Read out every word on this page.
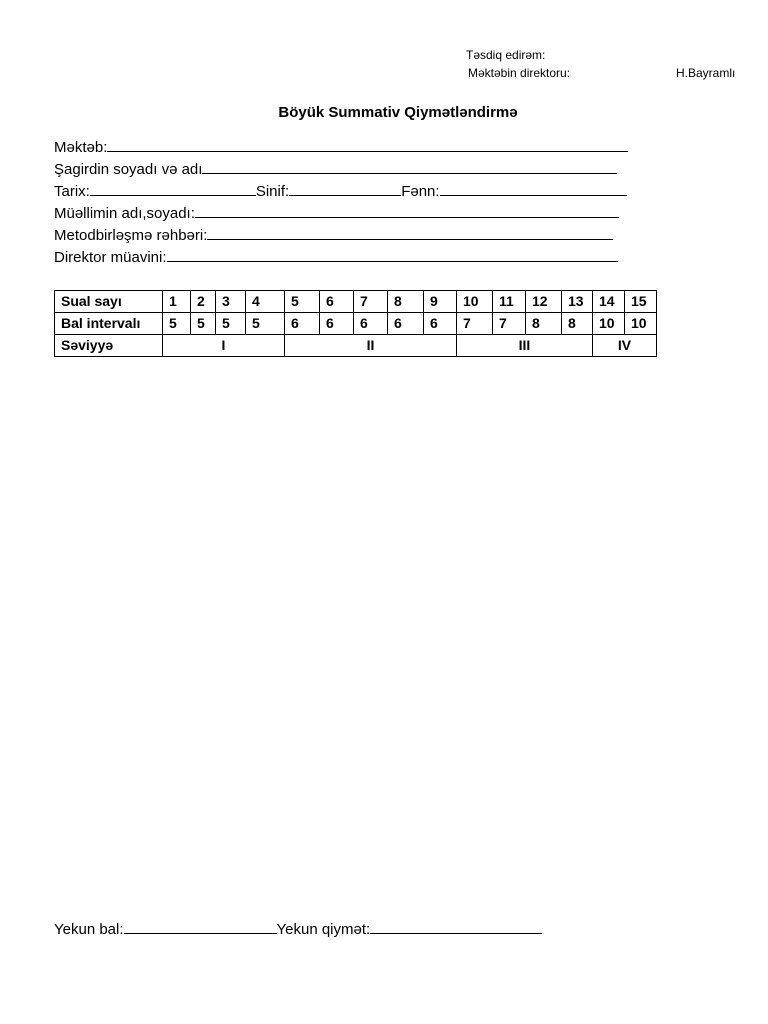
Təsdiq edirəm:
Məktəbin direktoru:	H.Bayramlı
Böyük Summativ Qiymətləndirmə
Məktəb:
Şagirdin soyadı və adı
Tarix:	Sinif:	Fənn:
Müəllimin adı,soyadı:
Metodbirləşmə rəhbəri:
Direktor müavini:
Sual sayı	1	2	3	4	5	6	7	8	9	10	11	12	13	14	15
Bal intervalı	5	5	5	5	6	6	6	6	6	7	7	8	8	10	10
Səviyyə	I				II					III				IV	
Yekun bal:	Yekun qiymət:
